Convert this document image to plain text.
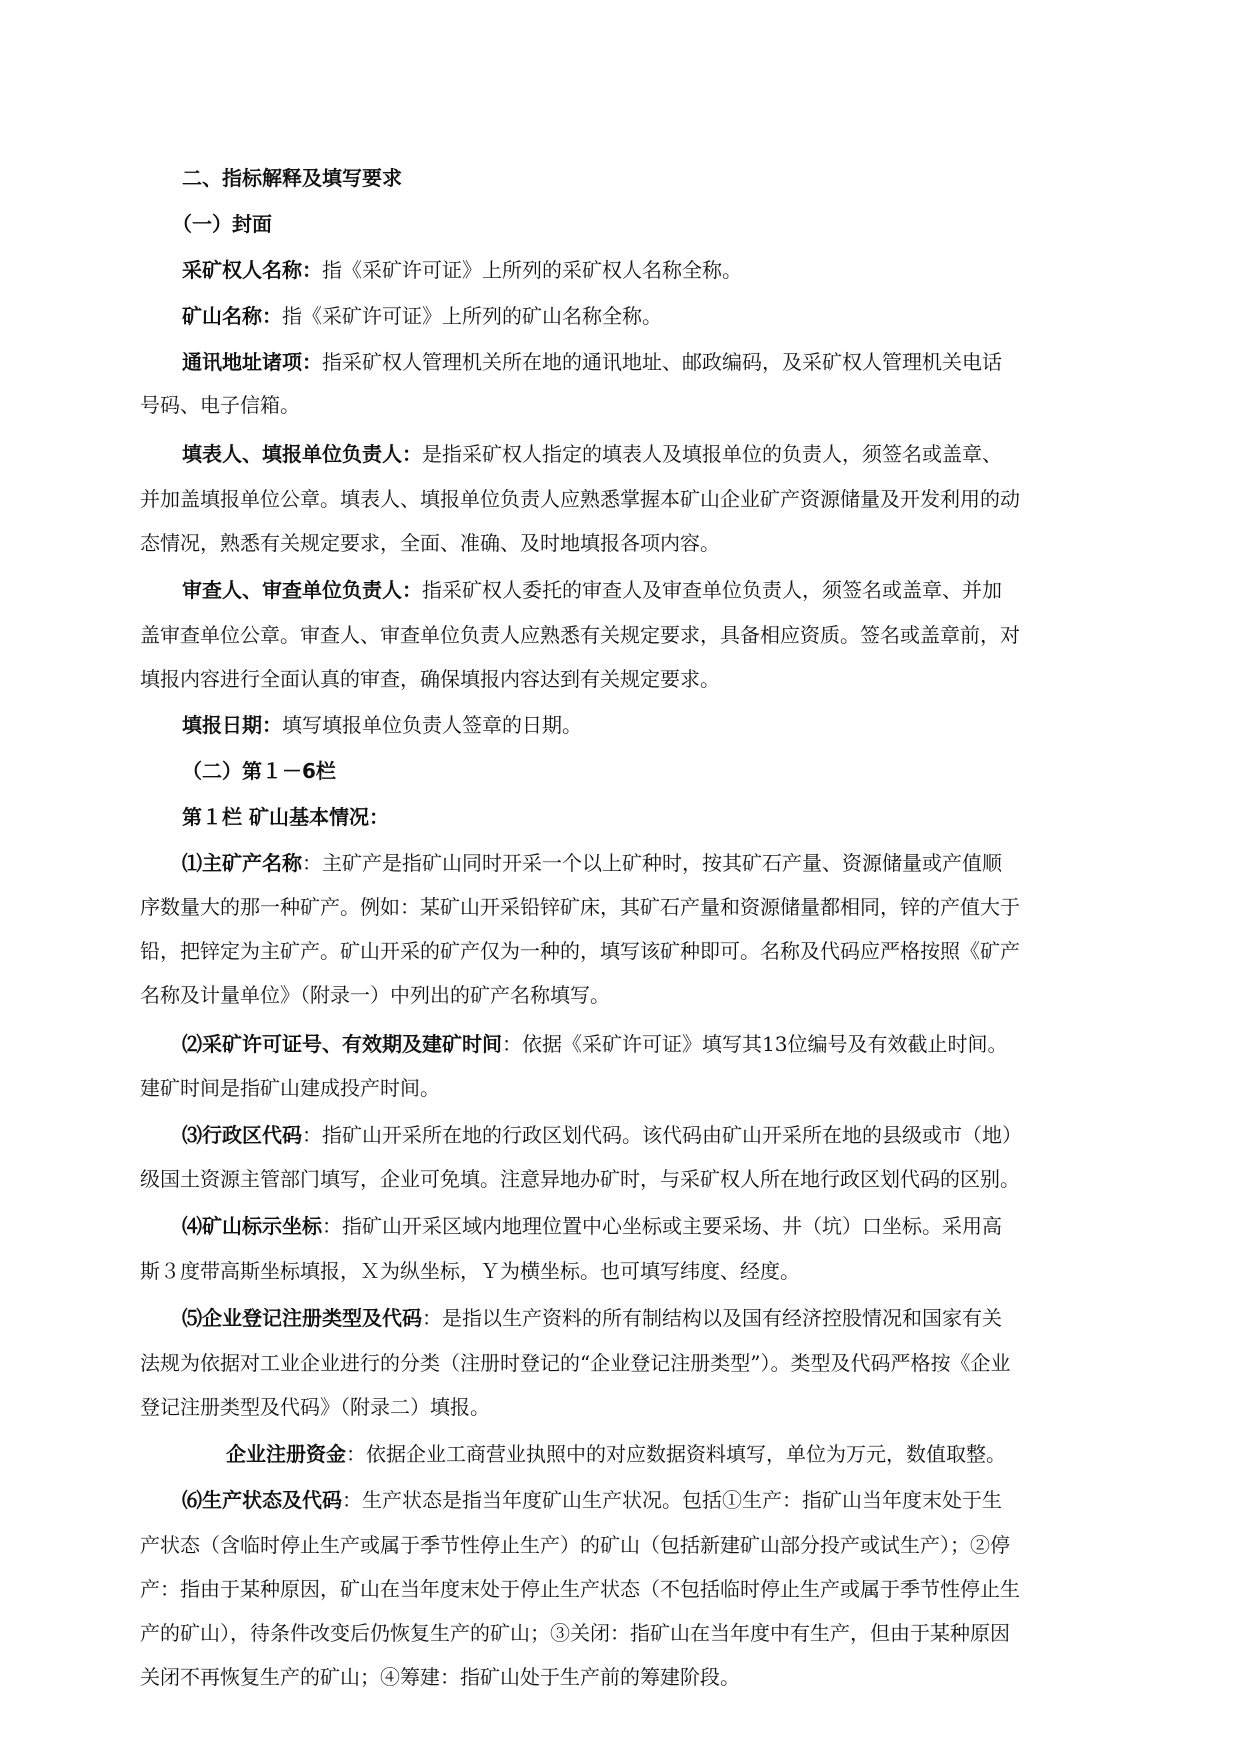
二、指标解释及填写要求

（一）封面

采矿权人名称：指《采矿许可证》上所列的采矿权人名称全称。

矿山名称：指《采矿许可证》上所列的矿山名称全称。

通讯地址诸项：指采矿权人管理机关所在地的通讯地址、邮政编码，及采矿权人管理机关电话

号码、电子信箱。

填表人、填报单位负责人：是指采矿权人指定的填表人及填报单位的负责人，须签名或盖章、

并加盖填报单位公章。填表人、填报单位负责人应熟悉掌握本矿山企业矿产资源储量及开发利用的动

态情况，熟悉有关规定要求，全面、准确、及时地填报各项内容。

审查人、审查单位负责人：指采矿权人委托的审查人及审查单位负责人，须签名或盖章、并加

盖审查单位公章。审查人、审查单位负责人应熟悉有关规定要求，具备相应资质。签名或盖章前，对

填报内容进行全面认真的审查，确保填报内容达到有关规定要求。

填报日期：填写填报单位负责人签章的日期。

（二）第１－6栏

第１栏 矿山基本情况：

⑴主矿产名称：主矿产是指矿山同时开采一个以上矿种时，按其矿石产量、资源储量或产值顺

序数量大的那一种矿产。例如：某矿山开采铅锌矿床，其矿石产量和资源储量都相同，锌的产值大于

铅，把锌定为主矿产。矿山开采的矿产仅为一种的，填写该矿种即可。名称及代码应严格按照《矿产

名称及计量单位》（附录一）中列出的矿产名称填写。

⑵采矿许可证号、有效期及建矿时间：依据《采矿许可证》填写其13位编号及有效截止时间。

建矿时间是指矿山建成投产时间。

⑶行政区代码：指矿山开采所在地的行政区划代码。该代码由矿山开采所在地的县级或市（地）

级国土资源主管部门填写，企业可免填。注意异地办矿时，与采矿权人所在地行政区划代码的区别。

⑷矿山标示坐标：指矿山开采区域内地理位置中心坐标或主要采场、井（坑）口坐标。采用高

斯３度带高斯坐标填报，Ｘ为纵坐标，Ｙ为横坐标。也可填写纬度、经度。

⑸企业登记注册类型及代码：是指以生产资料的所有制结构以及国有经济控股情况和国家有关

法规为依据对工业企业进行的分类（注册时登记的“企业登记注册类型”）。类型及代码严格按《企业

登记注册类型及代码》（附录二）填报。

企业注册资金：依据企业工商营业执照中的对应数据资料填写，单位为万元，数值取整。

⑹生产状态及代码：生产状态是指当年度矿山生产状况。包括①生产：指矿山当年度末处于生

产状态（含临时停止生产或属于季节性停止生产）的矿山（包括新建矿山部分投产或试生产）；②停

产：指由于某种原因，矿山在当年度末处于停止生产状态（不包括临时停止生产或属于季节性停止生

产的矿山），待条件改变后仍恢复生产的矿山；③关闭：指矿山在当年度中有生产，但由于某种原因

关闭不再恢复生产的矿山；④筹建：指矿山处于生产前的筹建阶段。
